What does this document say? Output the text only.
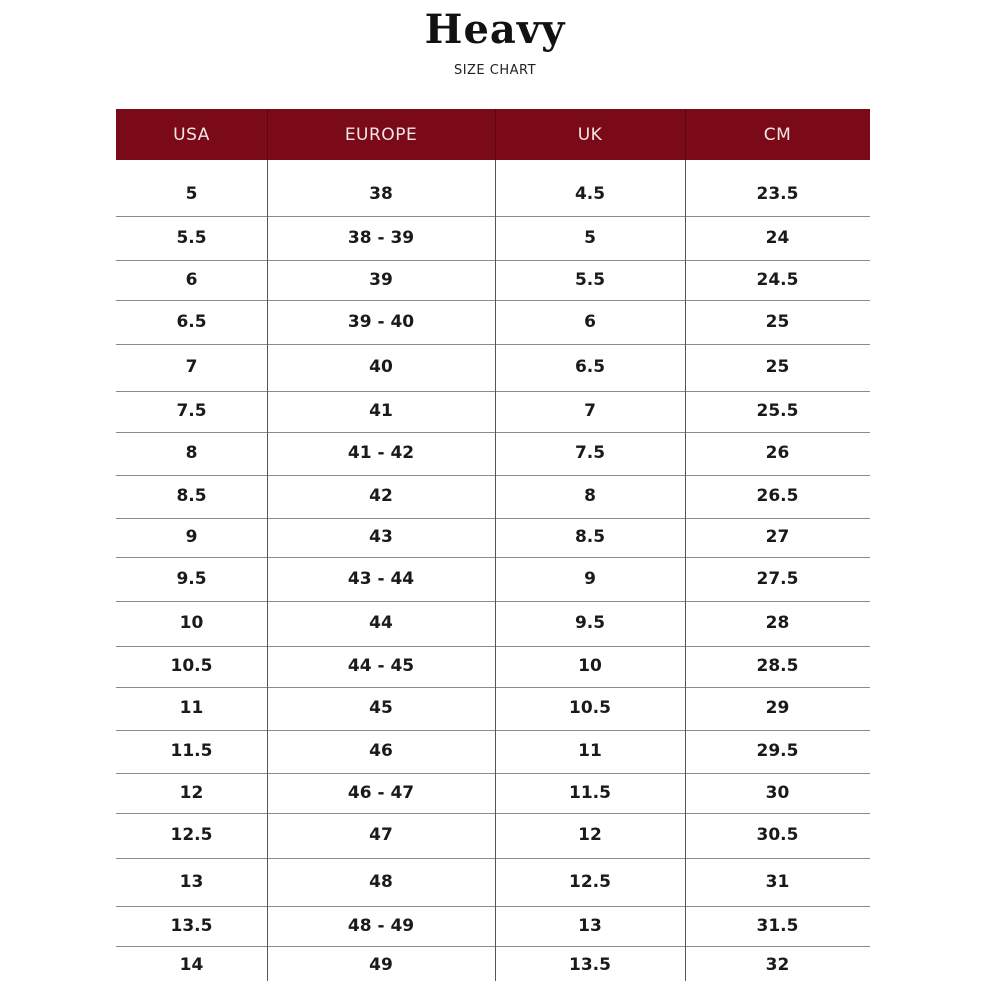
Heavy
SIZE CHART
USA	EUROPE	UK	CM
5	38	4.5	23.5
5.5	38 - 39	5	24
6	39	5.5	24.5
6.5	39 - 40	6	25
7	40	6.5	25
7.5	41	7	25.5
8	41 - 42	7.5	26
8.5	42	8	26.5
9	43	8.5	27
9.5	43 - 44	9	27.5
10	44	9.5	28
10.5	44 - 45	10	28.5
11	45	10.5	29
11.5	46	11	29.5
12	46 - 47	11.5	30
12.5	47	12	30.5
13	48	12.5	31
13.5	48 - 49	13	31.5
14	49	13.5	32
